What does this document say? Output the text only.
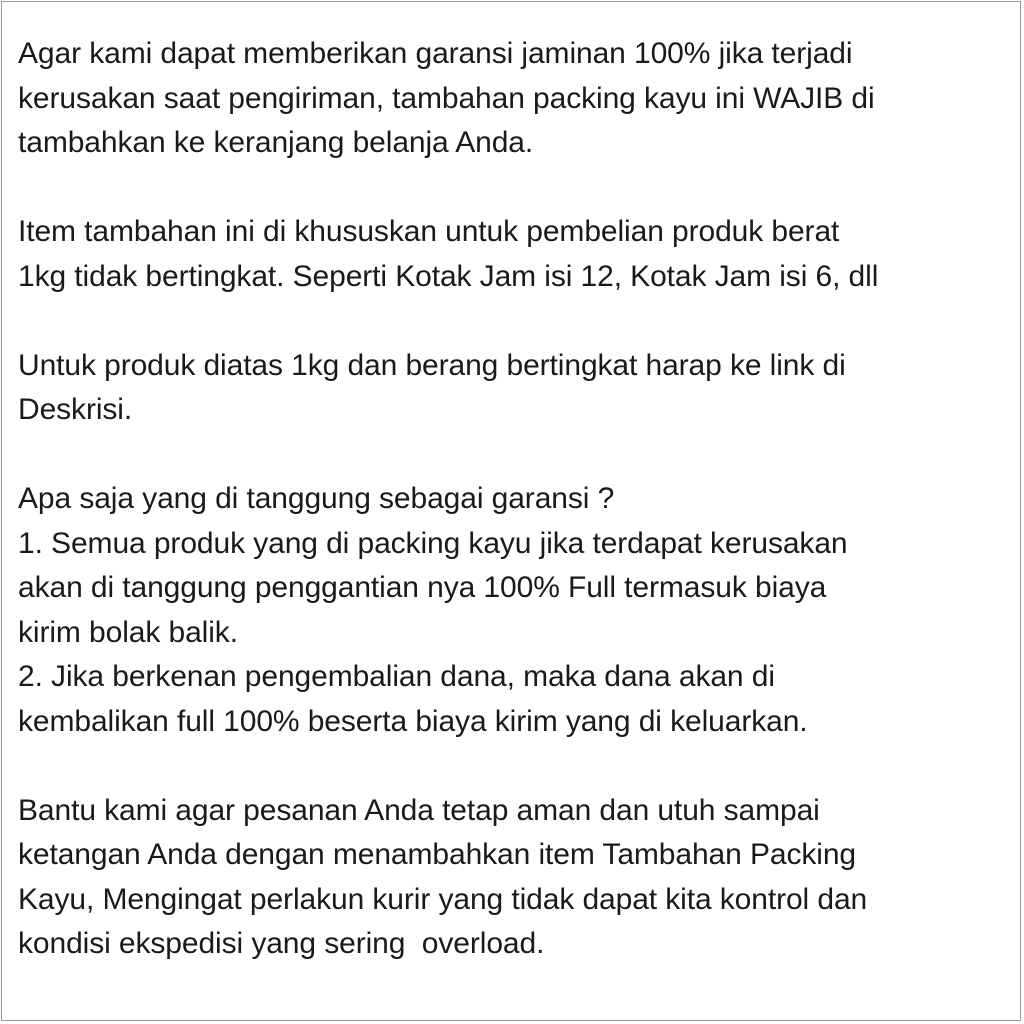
Agar kami dapat memberikan garansi jaminan 100% jika terjadi
kerusakan saat pengiriman, tambahan packing kayu ini WAJIB di
tambahkan ke keranjang belanja Anda.
Item tambahan ini di khususkan untuk pembelian produk berat
1kg tidak bertingkat. Seperti Kotak Jam isi 12, Kotak Jam isi 6, dll
Untuk produk diatas 1kg dan berang bertingkat harap ke link di
Deskrisi.
Apa saja yang di tanggung sebagai garansi ?
1. Semua produk yang di packing kayu jika terdapat kerusakan
akan di tanggung penggantian nya 100% Full termasuk biaya
kirim bolak balik.
2. Jika berkenan pengembalian dana, maka dana akan di
kembalikan full 100% beserta biaya kirim yang di keluarkan.
Bantu kami agar pesanan Anda tetap aman dan utuh sampai
ketangan Anda dengan menambahkan item Tambahan Packing
Kayu, Mengingat perlakun kurir yang tidak dapat kita kontrol dan
kondisi ekspedisi yang sering  overload.
